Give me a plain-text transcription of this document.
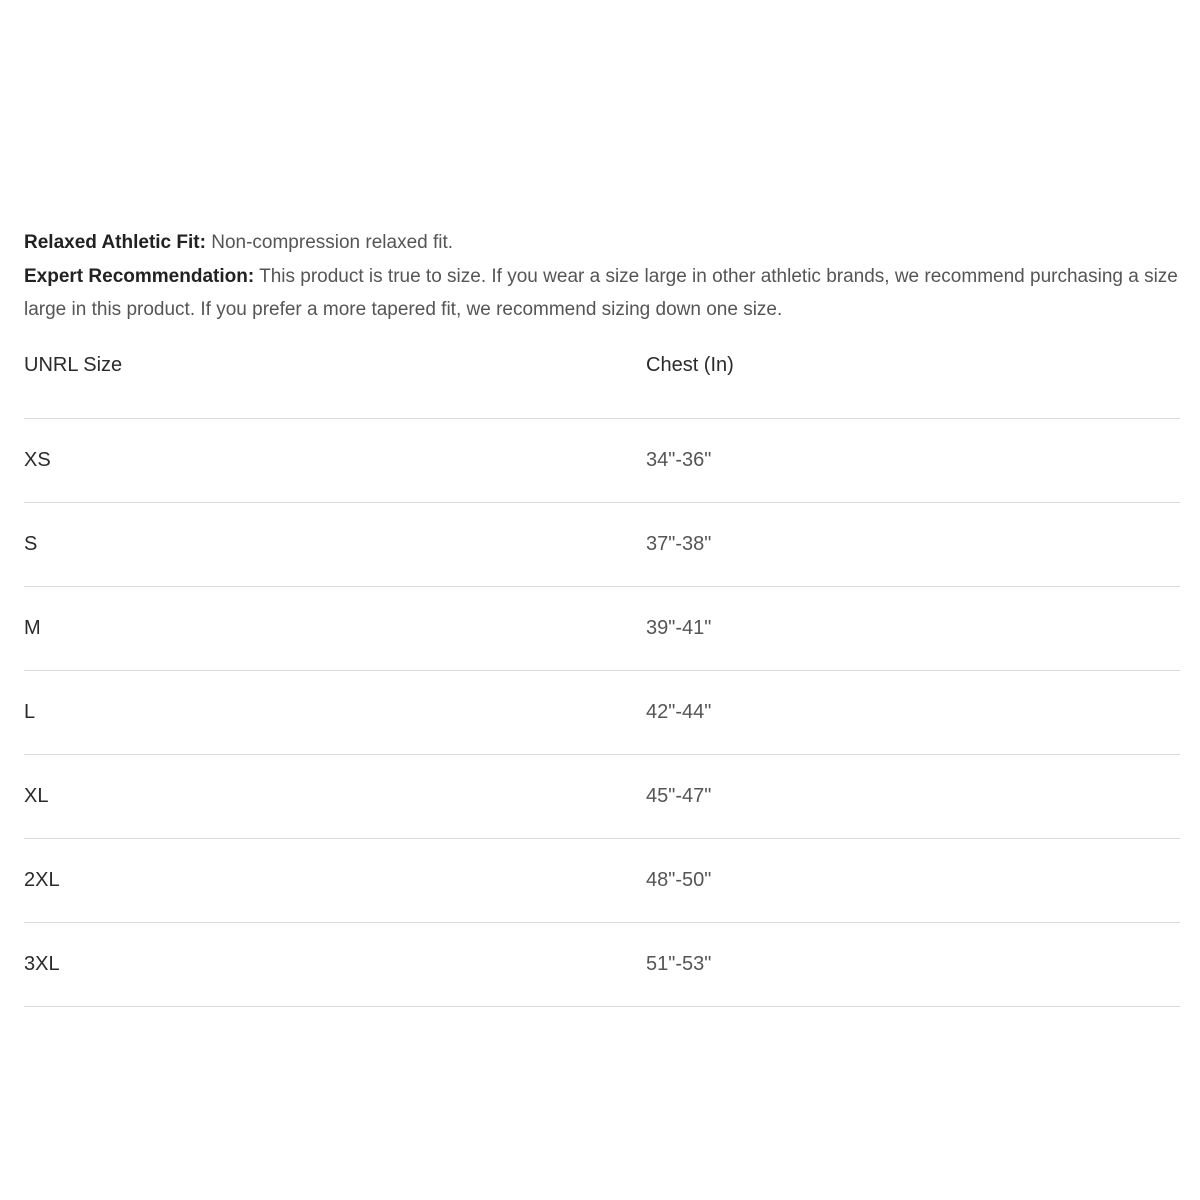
Relaxed Athletic Fit: Non-compression relaxed fit.

Expert Recommendation: This product is true to size. If you wear a size large in other athletic brands, we recommend purchasing a size large in this product. If you prefer a more tapered fit, we recommend sizing down one size.

UNRL Size	Chest (In)
XS	34"-36"
S	37"-38"
M	39"-41"
L	42"-44"
XL	45"-47"
2XL	48"-50"
3XL	51"-53"
